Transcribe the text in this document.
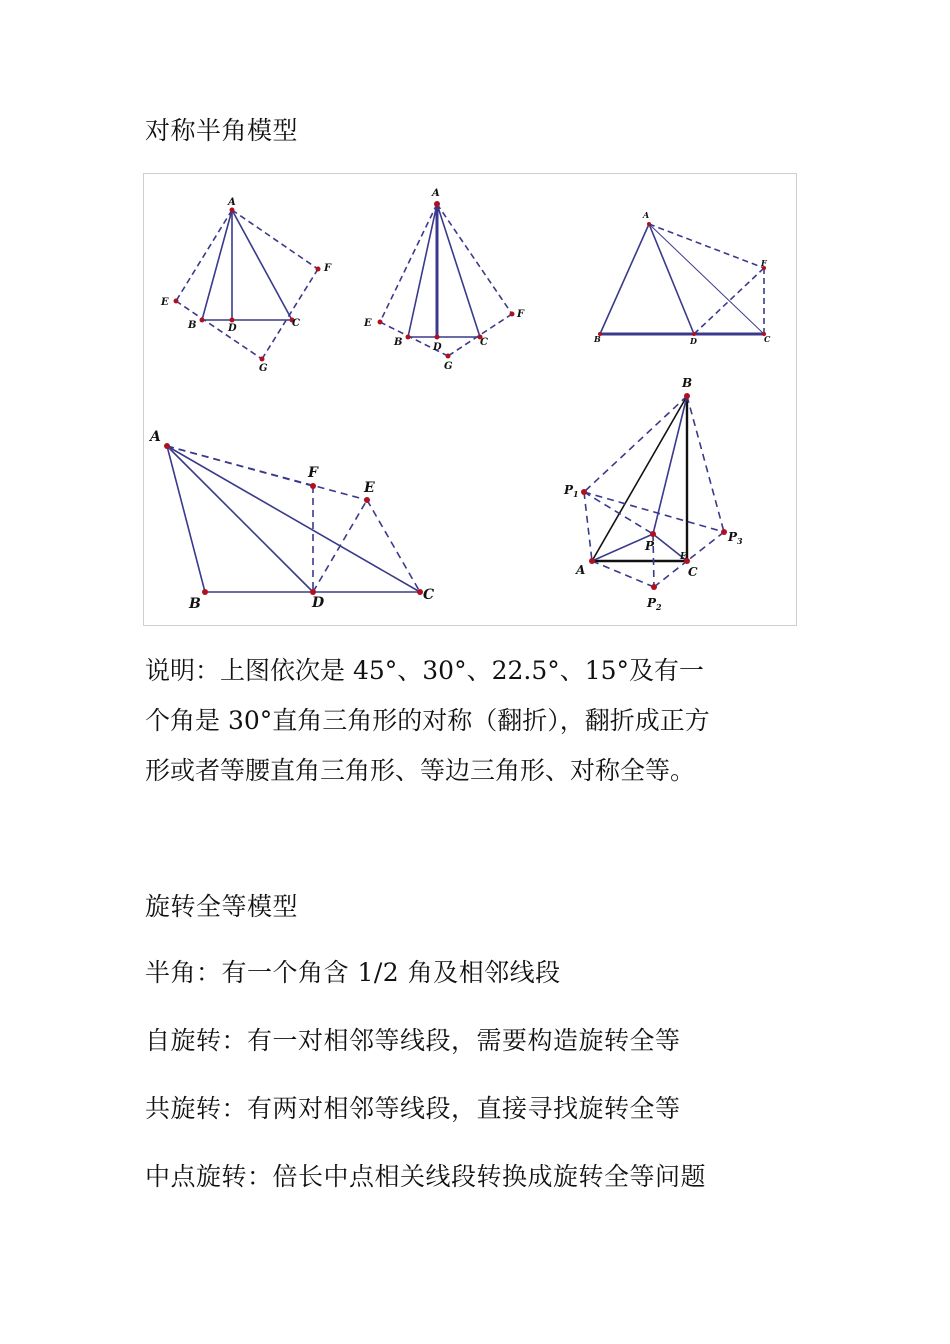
对称半角模型
A
B	D	C
E
F
G
A
B	D	C
E
F
G
A
B	D	C
F
A
B	D	C
F
E
B
A	C
P
E
$P_1$
$P_2$
$P_3$
说明：上图依次是 45°、30°、22.5°、15°及有一
个角是 30°直角三角形的对称（翻折），翻折成正方
形或者等腰直角三角形、等边三角形、对称全等。
旋转全等模型
半角：有一个角含 1/2 角及相邻线段
自旋转：有一对相邻等线段，需要构造旋转全等
共旋转：有两对相邻等线段，直接寻找旋转全等
中点旋转：倍长中点相关线段转换成旋转全等问题
